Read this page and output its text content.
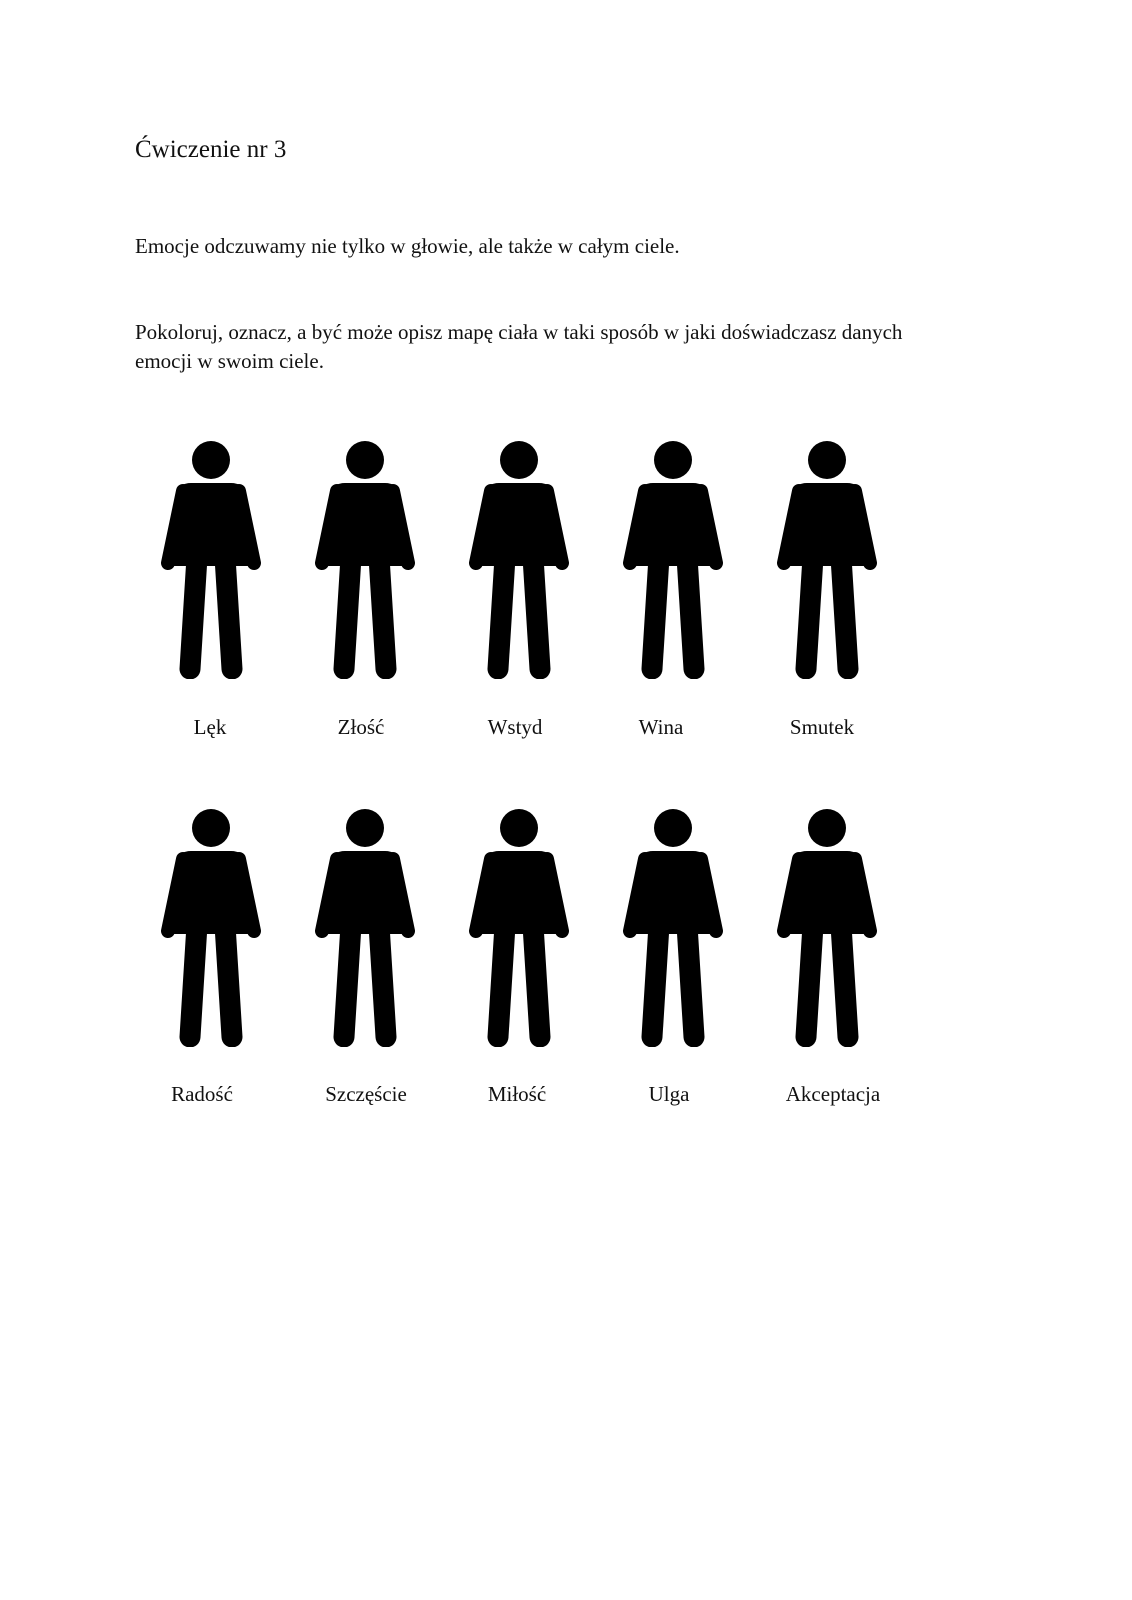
Ćwiczenie nr 3
Emocje odczuwamy nie tylko w głowie, ale także w całym ciele.
Pokoloruj, oznacz, a być może opisz mapę ciała w taki sposób w jaki doświadczasz danych
emocji w swoim ciele.
Lęk	Złość	Wstyd	Wina	Smutek
Radość	Szczęście	Miłość	Ulga	Akceptacja
